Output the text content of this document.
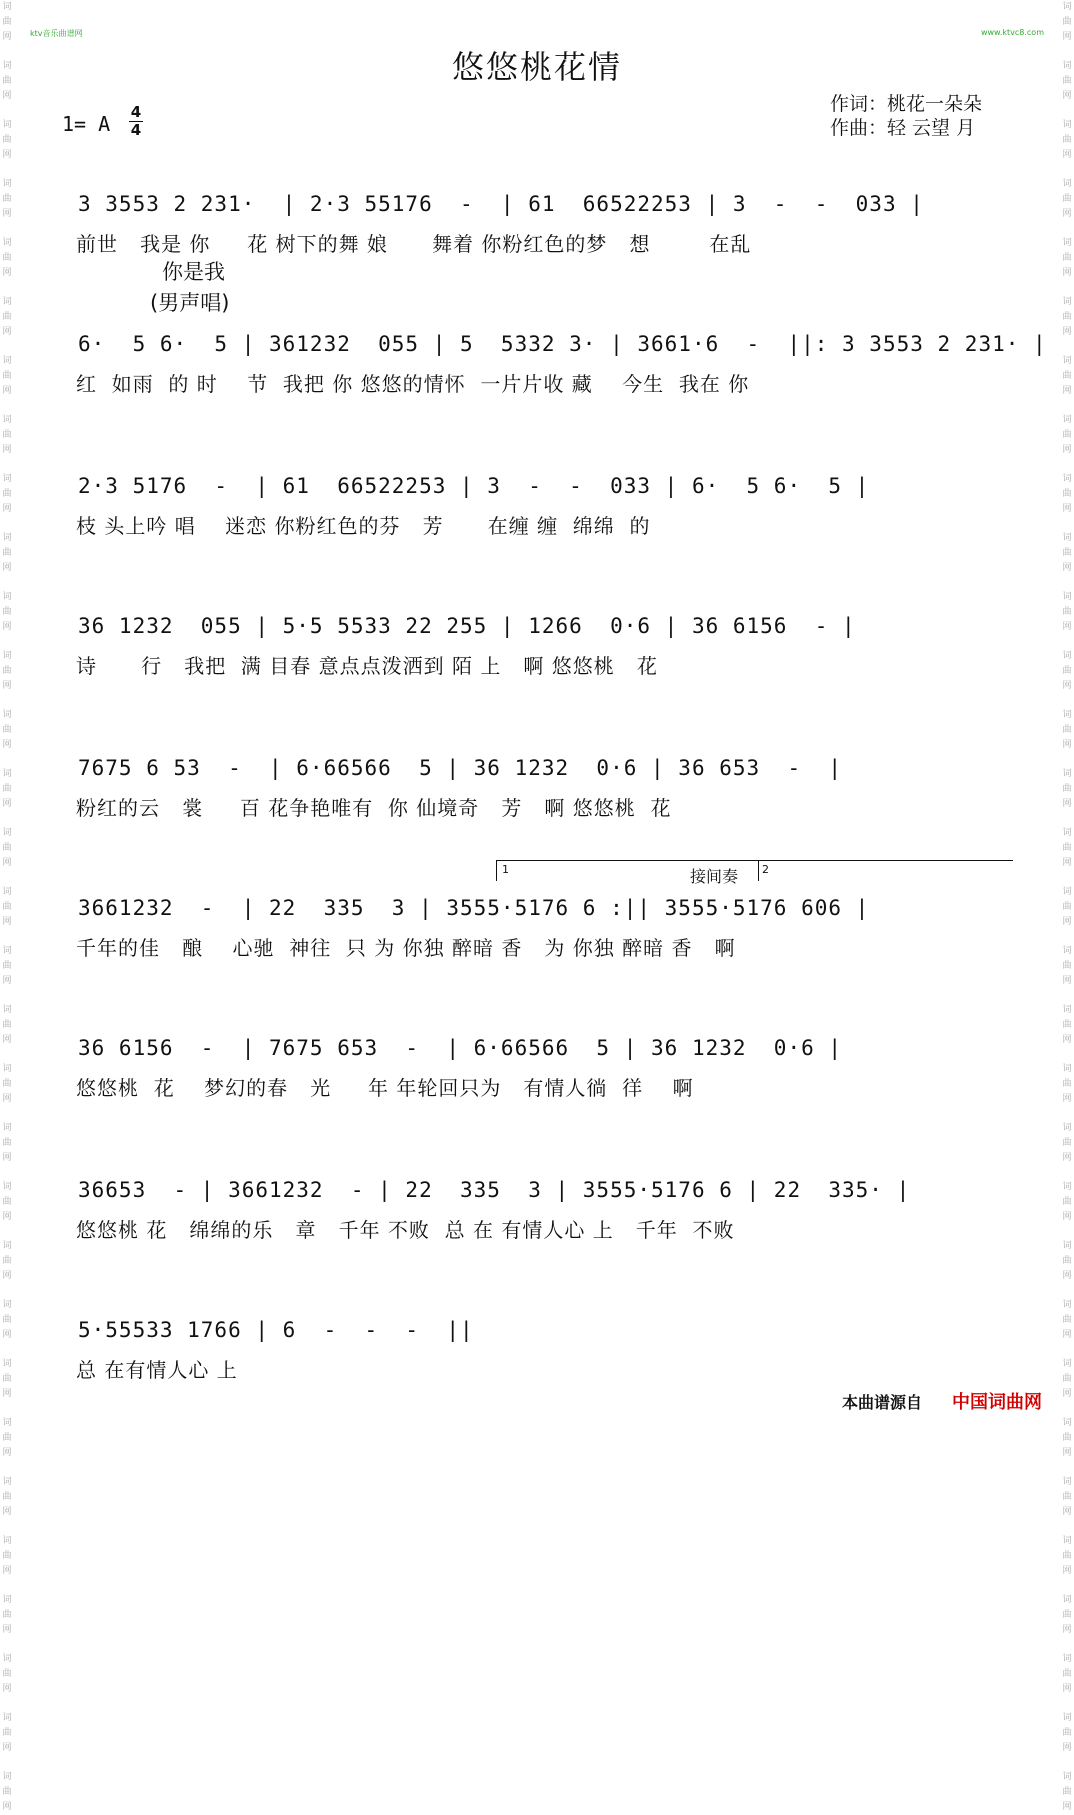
词 曲 网
词 曲 网
词 曲 网
词 曲 网
词 曲 网
词 曲 网
词 曲 网
词 曲 网
词 曲 网
词 曲 网
词 曲 网
词 曲 网
词 曲 网
词 曲 网
词 曲 网
词 曲 网
词 曲 网
词 曲 网
词 曲 网
词 曲 网
词 曲 网
词 曲 网
词 曲 网
词 曲 网
词 曲 网
词 曲 网
词 曲 网
词 曲 网
词 曲 网
词 曲 网
词 曲 网
词 曲 网
词 曲 网
词 曲 网
词 曲 网
词 曲 网
词 曲 网
词 曲 网
词 曲 网
词 曲 网
词 曲 网
词 曲 网
词 曲 网
词 曲 网
词 曲 网
词 曲 网
词 曲 网
词 曲 网
词 曲 网
词 曲 网
词 曲 网
词 曲 网
词 曲 网
词 曲 网
词 曲 网
词 曲 网
词 曲 网
词 曲 网
词 曲 网
词 曲 网
词 曲 网
词 曲 网
ktv音乐曲谱网	www.ktvc8.com
悠悠桃花情
1= A 4
4
作词：桃花一朵朵
作曲：轻 云望 月
3 3553 2 231·  | 2·3 55176  -  | 61  66522253 | 3  -  -  033 |
前世   我是 你     花 树下的舞 娘      舞着 你粉红色的梦   想        在乱
你是我
(男声唱)
6·  5 6·  5 | 361232  055 | 5  5332 3· | 3661·6  -  ||: 3 3553 2 231· |
红  如雨  的 时    节  我把 你 悠悠的情怀  一片片收 藏    今生  我在 你
2·3 5176  -  | 61  66522253 | 3  -  -  033 | 6·  5 6·  5 |
枝 头上吟 唱    迷恋 你粉红色的芬   芳      在缠 缠  绵绵  的
36 1232  055 | 5·5 5533 22 255 | 1266  0·6 | 36 6156  - |
诗      行   我把  满 目春 意点点泼洒到 陌 上   啊 悠悠桃   花
7675 6 53  -  | 6·66566  5 | 36 1232  0·6 | 36 653  -  |
粉红的云   裳     百 花争艳唯有  你 仙境奇   芳   啊 悠悠桃  花
1	2
接间奏
3661232  -  | 22  335  3 | 3555·5176 6 :|| 3555·5176 606 |
千年的佳   酿    心驰  神往  只 为 你独 醉暗 香   为 你独 醉暗 香   啊
36 6156  -  | 7675 653  -  | 6·66566  5 | 36 1232  0·6 |
悠悠桃  花    梦幻的春   光     年 年轮回只为   有情人徜  徉    啊
36653  - | 3661232  - | 22  335  3 | 3555·5176 6 | 22  335· |
悠悠桃 花   绵绵的乐   章   千年 不败  总 在 有情人心 上   千年  不败
5·55533 1766 | 6  -  -  -  ||
总 在有情人心 上
本曲谱源自 中国词曲网
